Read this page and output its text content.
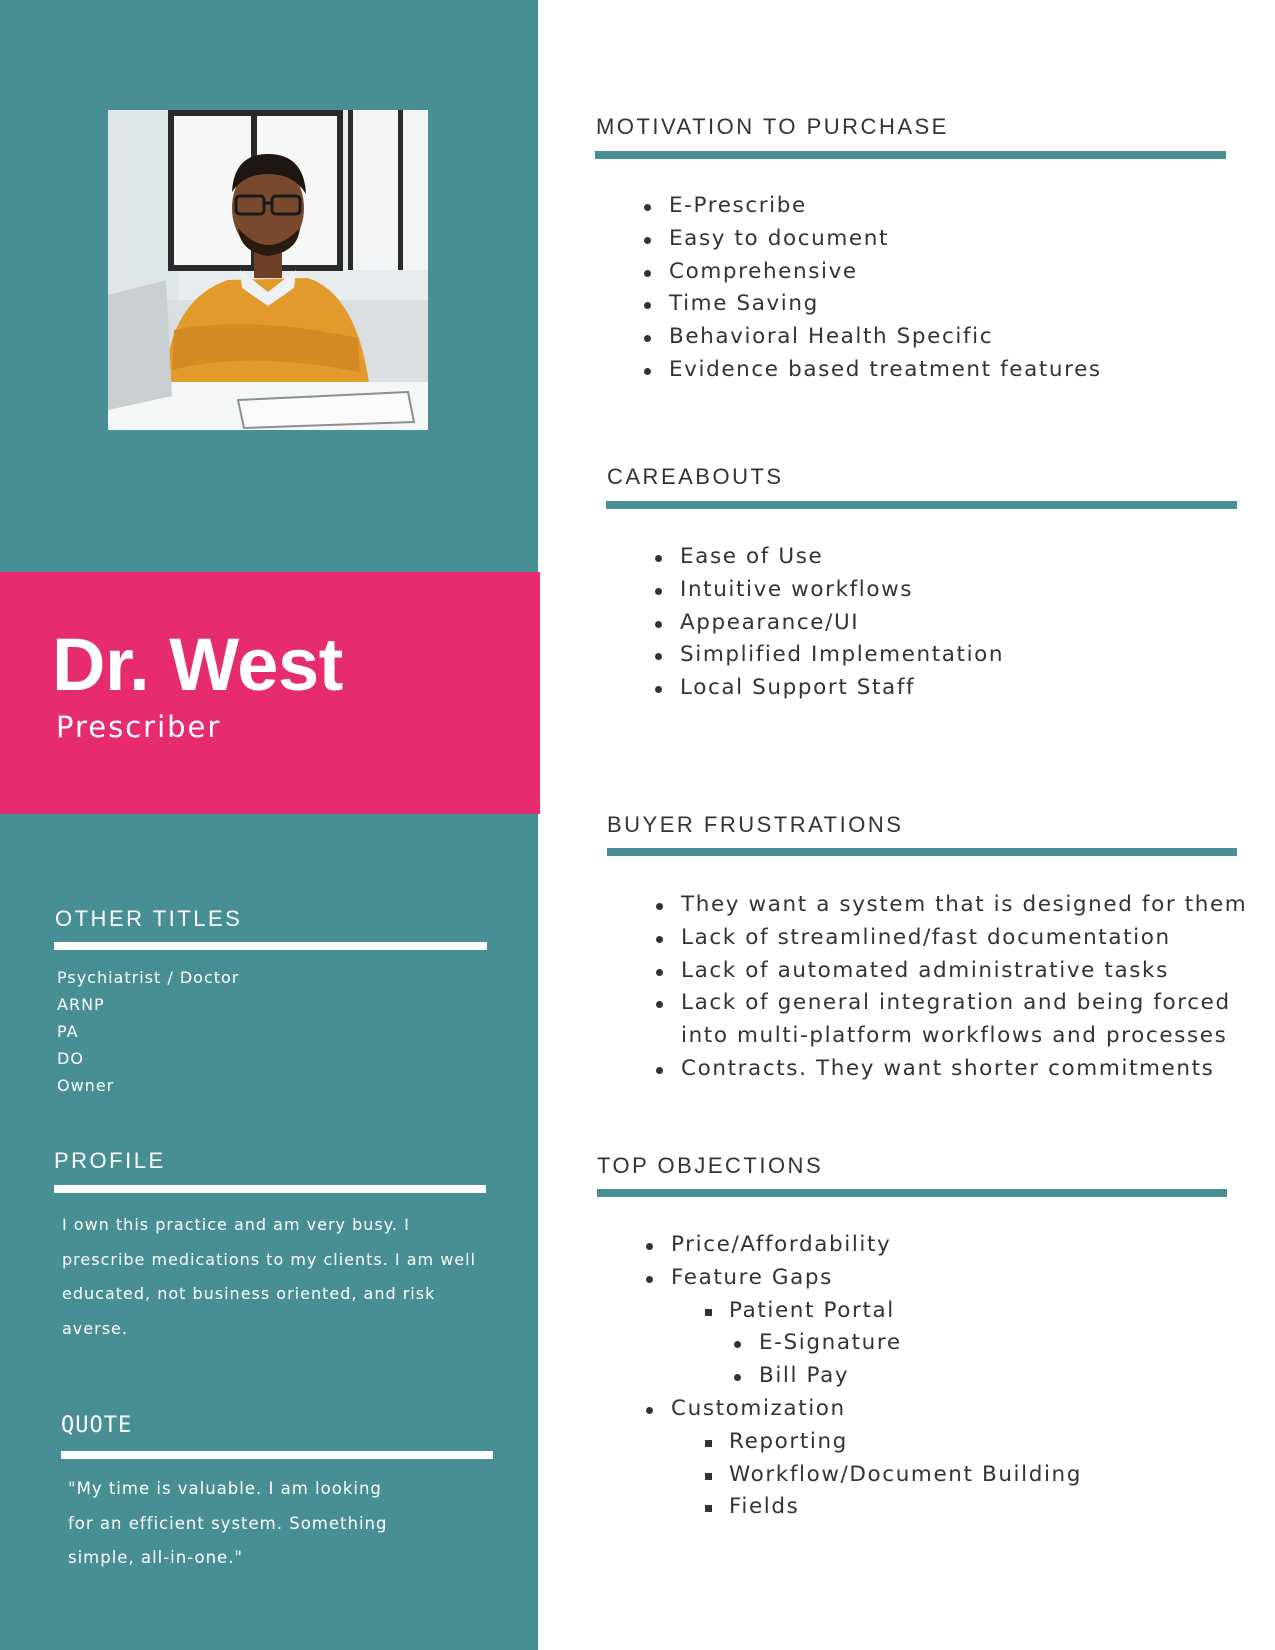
Dr. West
Prescriber
OTHER TITLES
Psychiatrist / Doctor
ARNP
PA
DO
Owner
PROFILE

I own this practice and am very busy. I prescribe medications to my clients. I am well educated, not business oriented, and risk averse.

QUOTE

"My time is valuable. I am looking for an efficient system. Something simple, all-in-one."

MOTIVATION TO PURCHASE
E-Prescribe
Easy to document
Comprehensive
Time Saving
Behavioral Health Specific
Evidence based treatment features
CAREABOUTS
Ease of Use
Intuitive workflows
Appearance/UI
Simplified Implementation
Local Support Staff
BUYER FRUSTRATIONS
They want a system that is designed for them
Lack of streamlined/fast documentation
Lack of automated administrative tasks
Lack of general integration and being forced
into multi-platform workflows and processes
Contracts. They want shorter commitments
TOP OBJECTIONS
Price/Affordability
Feature Gaps
Patient Portal
E-Signature
Bill Pay
Customization
Reporting
Workflow/Document Building
Fields
